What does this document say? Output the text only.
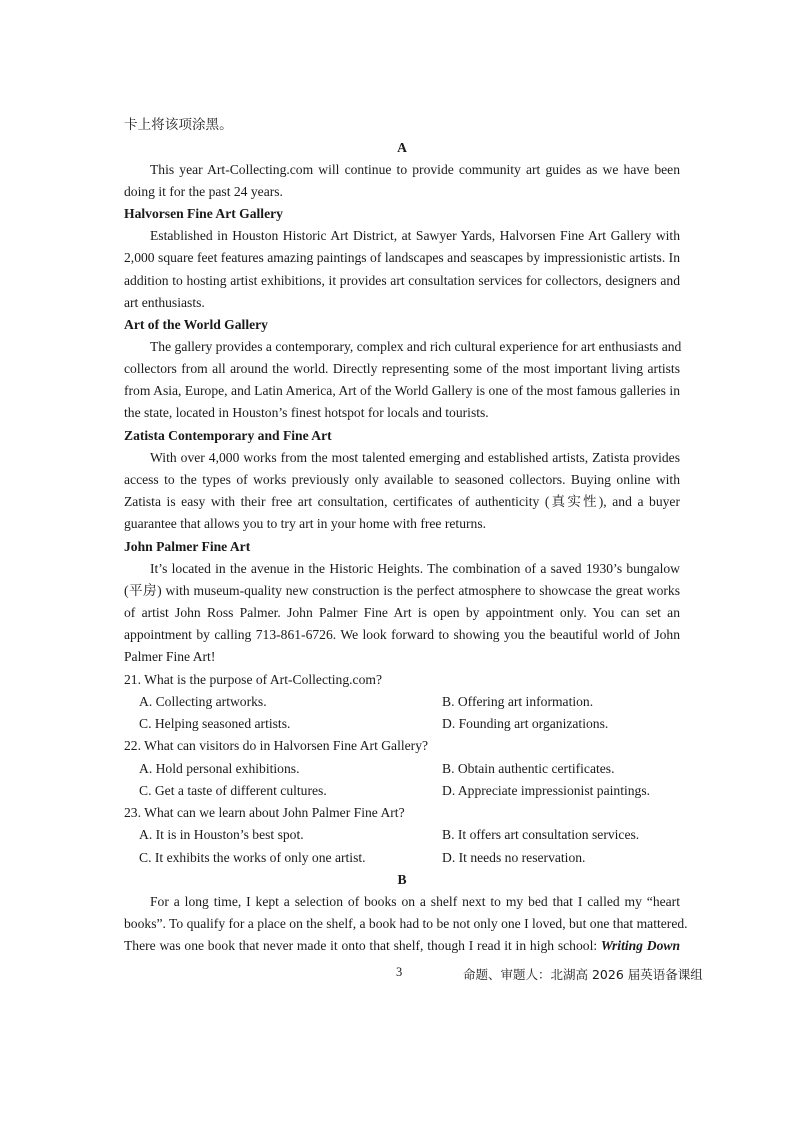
卡上将该项涂黑。
A
This year Art-Collecting.com will continue to provide community art guides as we have been
doing it for the past 24 years.
Halvorsen Fine Art Gallery
Established in Houston Historic Art District, at Sawyer Yards, Halvorsen Fine Art Gallery with
2,000 square feet features amazing paintings of landscapes and seascapes by impressionistic artists. In
addition to hosting artist exhibitions, it provides art consultation services for collectors, designers and
art enthusiasts.
Art of the World Gallery
The gallery provides a contemporary, complex and rich cultural experience for art enthusiasts and
collectors from all around the world. Directly representing some of the most important living artists
from Asia, Europe, and Latin America, Art of the World Gallery is one of the most famous galleries in
the state, located in Houston’s finest hotspot for locals and tourists.
Zatista Contemporary and Fine Art
With over 4,000 works from the most talented emerging and established artists, Zatista provides
access to the types of works previously only available to seasoned collectors. Buying online with
Zatista is easy with their free art consultation, certificates of authenticity (真实性), and a buyer
guarantee that allows you to try art in your home with free returns.
John Palmer Fine Art
It’s located in the avenue in the Historic Heights. The combination of a saved 1930’s bungalow
(平房) with museum-quality new construction is the perfect atmosphere to showcase the great works
of artist John Ross Palmer. John Palmer Fine Art is open by appointment only. You can set an
appointment by calling 713-861-6726. We look forward to showing you the beautiful world of John
Palmer Fine Art!
21. What is the purpose of Art-Collecting.com?
A. Collecting artworks.	B. Offering art information.
C. Helping seasoned artists.	D. Founding art organizations.
22. What can visitors do in Halvorsen Fine Art Gallery?
A. Hold personal exhibitions.	B. Obtain authentic certificates.
C. Get a taste of different cultures.	D. Appreciate impressionist paintings.
23. What can we learn about John Palmer Fine Art?
A. It is in Houston’s best spot.	B. It offers art consultation services.
C. It exhibits the works of only one artist.	D. It needs no reservation.
B
For a long time, I kept a selection of books on a shelf next to my bed that I called my “heart
books”. To qualify for a place on the shelf, a book had to be not only one I loved, but one that mattered.
There was one book that never made it onto that shelf, though I read it in high school: Writing Down
3	命题、审题人：北湖高 2026 届英语备课组
